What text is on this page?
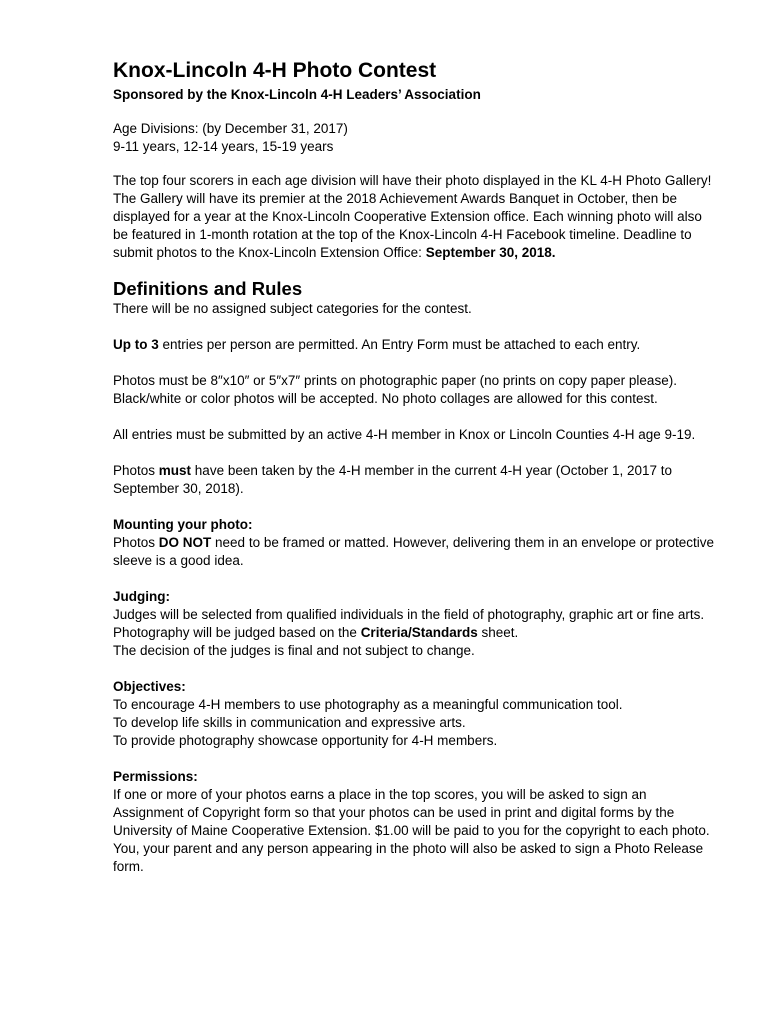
Knox-Lincoln 4-H Photo Contest

Sponsored by the Knox-Lincoln 4-H Leaders’ Association

Age Divisions: (by December 31, 2017)
9-11 years, 12-14 years, 15-19 years

The top four scorers in each age division will have their photo displayed in the KL 4-H Photo Gallery! The Gallery will have its premier at the 2018 Achievement Awards Banquet in October, then be displayed for a year at the Knox-Lincoln Cooperative Extension office. Each winning photo will also be featured in 1-month rotation at the top of the Knox-Lincoln 4-H Facebook timeline. Deadline to submit photos to the Knox-Lincoln Extension Office: September 30, 2018.

Definitions and Rules

There will be no assigned subject categories for the contest.

Up to 3 entries per person are permitted. An Entry Form must be attached to each entry.

Photos must be 8″x10″ or 5″x7″ prints on photographic paper (no prints on copy paper please). Black/white or color photos will be accepted. No photo collages are allowed for this contest.

All entries must be submitted by an active 4-H member in Knox or Lincoln Counties 4-H age 9-19.

Photos must have been taken by the 4-H member in the current 4-H year (October 1, 2017 to September 30, 2018).

Mounting your photo:
Photos DO NOT need to be framed or matted. However, delivering them in an envelope or protective sleeve is a good idea.

Judging:
Judges will be selected from qualified individuals in the field of photography, graphic art or fine arts. Photography will be judged based on the Criteria/Standards sheet.
The decision of the judges is final and not subject to change.

Objectives:
To encourage 4-H members to use photography as a meaningful communication tool.
To develop life skills in communication and expressive arts.
To provide photography showcase opportunity for 4-H members.

Permissions:
If one or more of your photos earns a place in the top scores, you will be asked to sign an Assignment of Copyright form so that your photos can be used in print and digital forms by the University of Maine Cooperative Extension. $1.00 will be paid to you for the copyright to each photo. You, your parent and any person appearing in the photo will also be asked to sign a Photo Release form.
